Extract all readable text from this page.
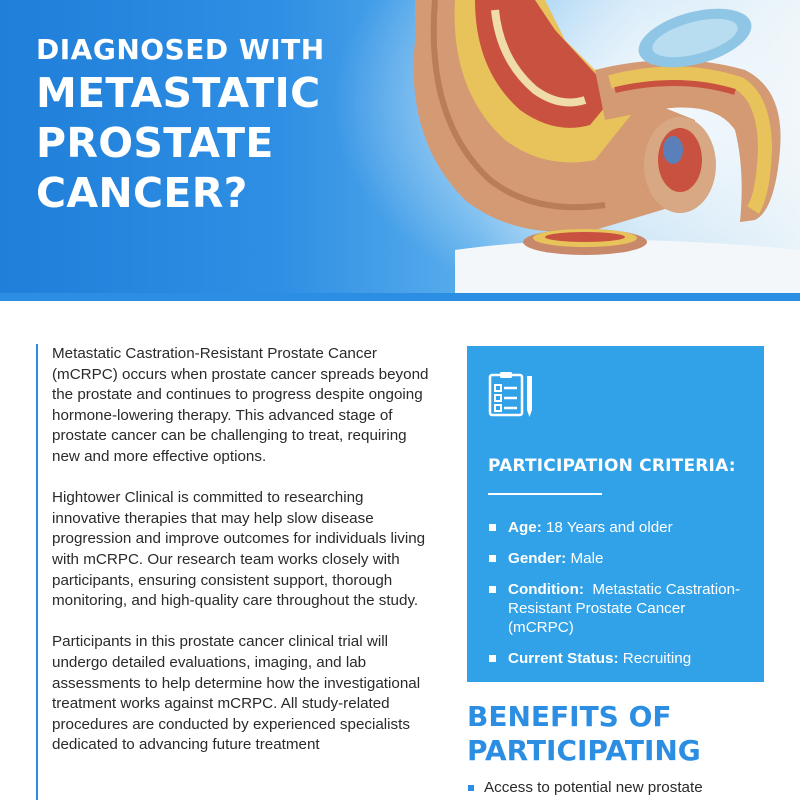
DIAGNOSED WITH
METASTATIC
PROSTATE
CANCER?

Metastatic Castration-Resistant Prostate Cancer (mCRPC) occurs when prostate cancer spreads beyond the prostate and continues to progress despite ongoing hormone-lowering therapy. This advanced stage of prostate cancer can be challenging to treat, requiring new and more effective options.

Hightower Clinical is committed to researching innovative therapies that may help slow disease progression and improve outcomes for individuals living with mCRPC. Our research team works closely with participants, ensuring consistent support, thorough monitoring, and high-quality care throughout the study.

Participants in this prostate cancer clinical trial will undergo detailed evaluations, imaging, and lab assessments to help determine how the investigational treatment works against mCRPC. All study-related procedures are conducted by experienced specialists dedicated to advancing future treatment

PARTICIPATION CRITERIA:
Age: 18 Years and older
Gender: Male
Condition: Metastatic Castration-Resistant Prostate Cancer (mCRPC)
Current Status: Recruiting
Location: Oklahoma City, OK
BENEFITS OF
PARTICIPATING
Access to potential new prostate
